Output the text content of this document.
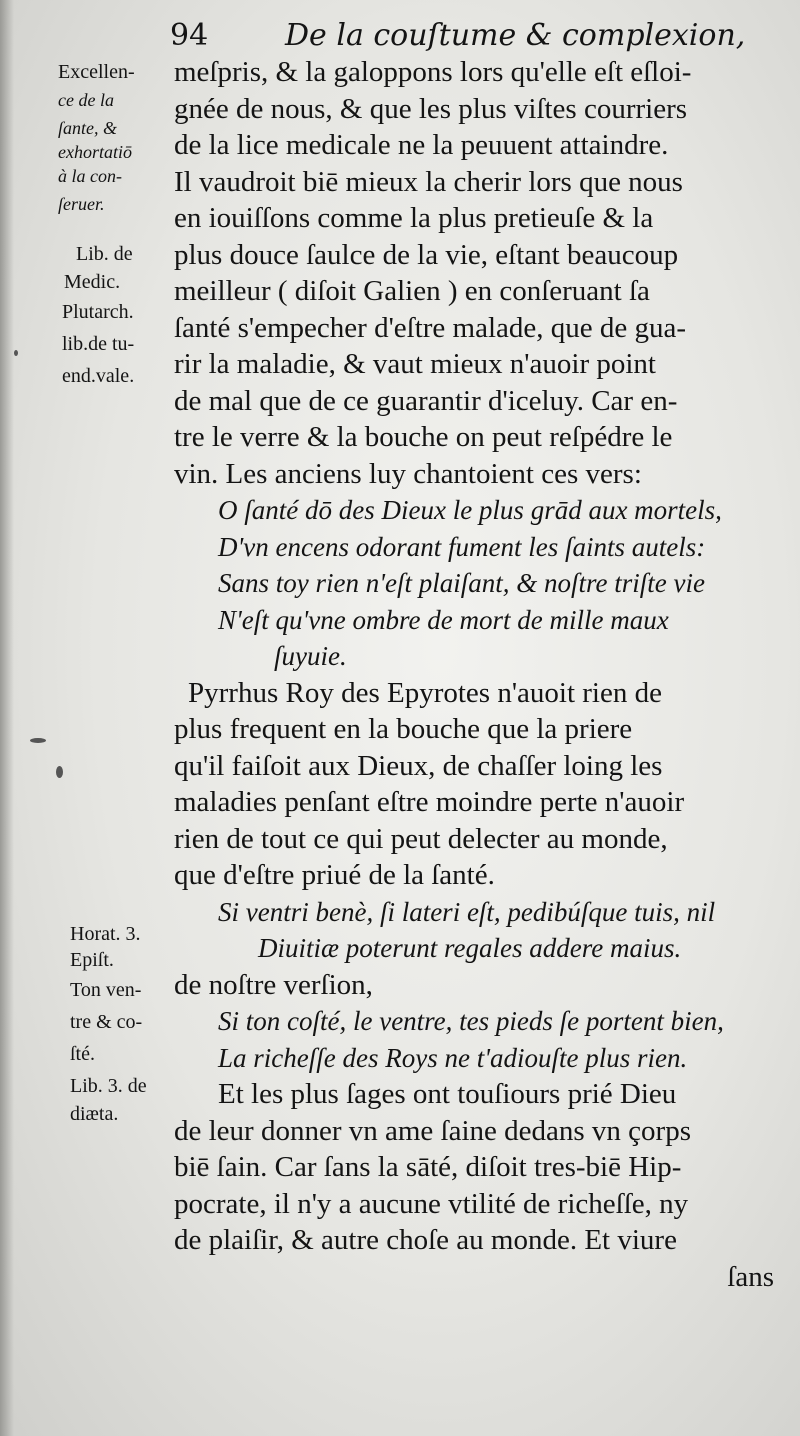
94	De la couſtume & complexion,

Excellen-

ce de la

ſante, &

exhortatiō

à la con-

ſeruer.

Lib. de

Medic.

Plutarch.

lib.de tu-

end.vale.

Horat. 3.

Epiſt.

Ton ven-

tre & co-

ſté.

Lib. 3. de

diæta.

meſpris, & la galoppons lors qu'elle eſt eſloi-
gnée de nous, & que les plus viſtes courriers
de la lice medicale ne la peuuent attaindre.
Il vaudroit biē mieux la cherir lors que nous
en iouiſſons comme la plus pretieuſe & la
plus douce ſaulce de la vie, eſtant beaucoup
meilleur ( diſoit Galien ) en conſeruant ſa
ſanté s'empecher d'eſtre malade, que de gua-
rir la maladie, & vaut mieux n'auoir point
de mal que de ce guarantir d'iceluy. Car en-
tre le verre & la bouche on peut reſpédre le
vin. Les anciens luy chantoient ces vers:
O ſanté dō des Dieux le plus grād aux mortels,
D'vn encens odorant fument les ſaints autels:
Sans toy rien n'eſt plaiſant, & noſtre triſte vie
N'eſt qu'vne ombre de mort de mille maux
ſuyuie.
Pyrrhus Roy des Epyrotes n'auoit rien de
plus frequent en la bouche que la priere
qu'il faiſoit aux Dieux, de chaſſer loing les
maladies penſant eſtre moindre perte n'auoir
rien de tout ce qui peut delecter au monde,
que d'eſtre priué de la ſanté.
Si ventri benè, ſi lateri eſt, pedibúſque tuis, nil
Diuitiæ poterunt regales addere maius.
de noſtre verſion,
Si ton coſté, le ventre, tes pieds ſe portent bien,
La richeſſe des Roys ne t'adiouſte plus rien.
Et les plus ſages ont touſiours prié Dieu
de leur donner vn ame ſaine dedans vn çorps
biē ſain. Car ſans la sāté, diſoit tres-biē Hip-
pocrate, il n'y a aucune vtilité de richeſſe, ny
de plaiſir, & autre choſe au monde. Et viure
ſans
